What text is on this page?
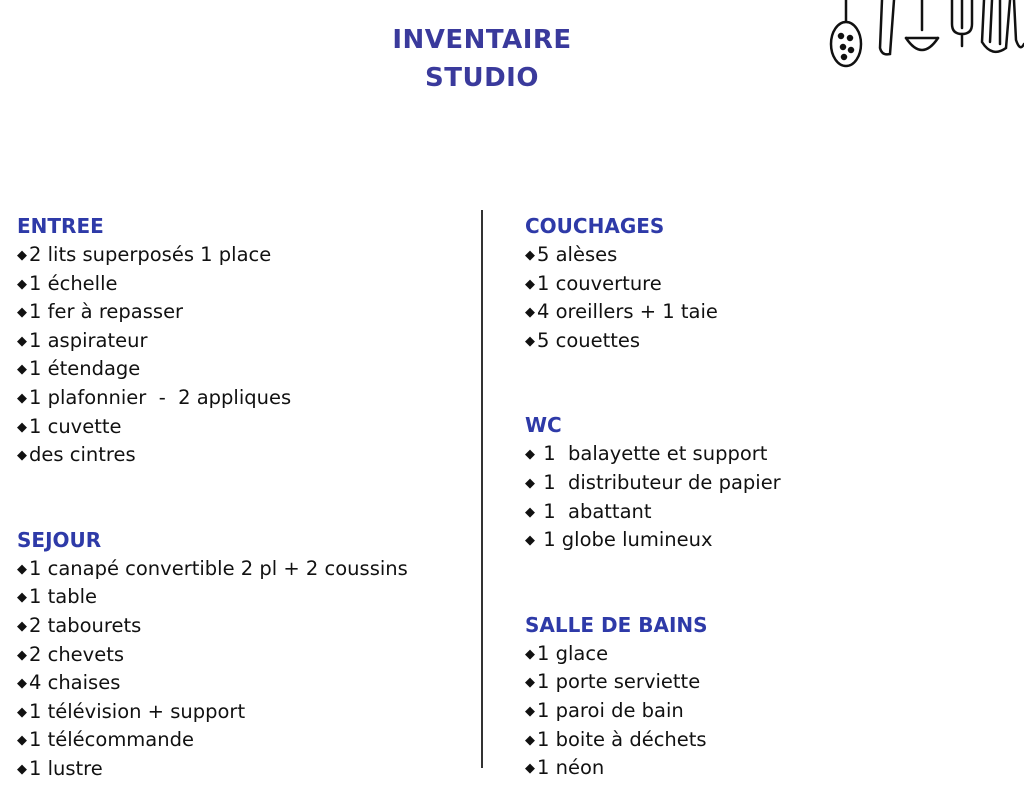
INVENTAIRE
STUDIO
ENTREE
◆ 2 lits superposés 1 place
◆ 1 échelle
◆ 1 fer à repasser
◆ 1 aspirateur
◆ 1 étendage
◆ 1 plafonnier  -  2 appliques
◆ 1 cuvette
◆ des cintres
SEJOUR
◆ 1 canapé convertible 2 pl + 2 coussins
◆ 1 table
◆ 2 tabourets
◆ 2 chevets
◆ 4 chaises
◆ 1 télévision + support
◆ 1 télécommande
◆ 1 lustre
COUCHAGES
◆ 5 alèses
◆ 1 couverture
◆ 4 oreillers + 1 taie
◆ 5 couettes
WC
◆ 1  balayette et support
◆ 1  distributeur de papier
◆ 1  abattant
◆ 1 globe lumineux
SALLE DE BAINS
◆ 1 glace
◆ 1 porte serviette
◆ 1 paroi de bain
◆ 1 boite à déchets
◆ 1 néon
